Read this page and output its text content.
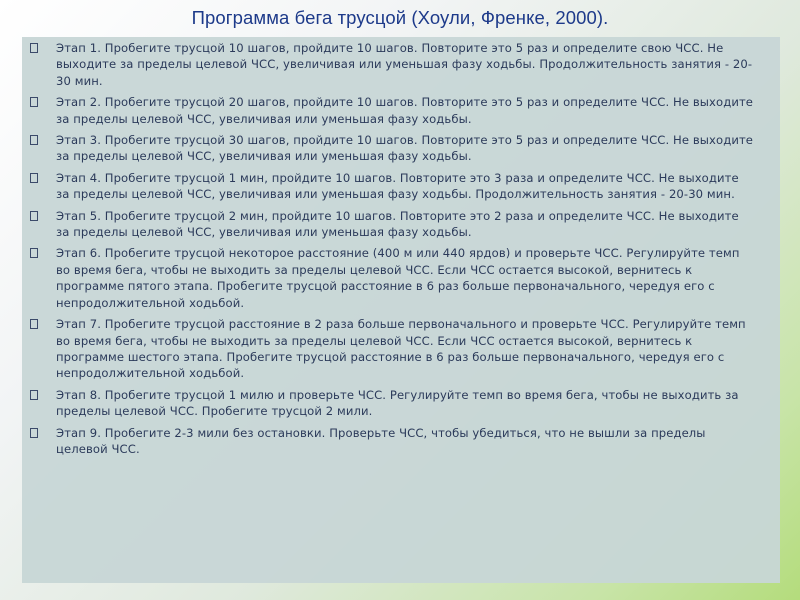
Программа бега трусцой (Хоули, Френке, 2000).
Этап 1. Пробегите трусцой 10 шагов, пройдите 10 шагов. Повторите это 5 раз и определите свою ЧСС. Не выходите за пределы целевой ЧСС, увеличивая или уменьшая фазу ходьбы. Продолжительность занятия - 20-30 мин.
Этап 2. Пробегите трусцой 20 шагов, пройдите 10 шагов. Повторите это 5 раз и определите ЧСС. Не выходите за пределы целевой ЧСС, увеличивая или уменьшая фазу ходьбы.
Этап 3. Пробегите трусцой 30 шагов, пройдите 10 шагов. Повторите это 5 раз и определите ЧСС. Не выходите за пределы целевой ЧСС, увеличивая или уменьшая фазу ходьбы.
Этап 4. Пробегите трусцой 1 мин, пройдите 10 шагов. Повторите это 3 раза и определите ЧСС. Не выходите за пределы целевой ЧСС, увеличивая или уменьшая фазу ходьбы. Продолжительность занятия - 20-30 мин.
Этап 5. Пробегите трусцой 2 мин, пройдите 10 шагов. Повторите это 2 раза и определите ЧСС. Не выходите за пределы целевой ЧСС, увеличивая или уменьшая фазу ходьбы.
Этап 6. Пробегите трусцой некоторое расстояние (400 м или 440 ярдов) и проверьте ЧСС. Регулируйте темп во время бега, чтобы не выходить за пределы целевой ЧСС. Если ЧСС остается высокой, вернитесь к программе пятого этапа. Пробегите трусцой расстояние в 6 раз больше первоначального, чередуя его с непродолжительной ходьбой.
Этап 7. Пробегите трусцой расстояние в 2 раза больше первоначального и проверьте ЧСС. Регулируйте темп во время бега, чтобы не выходить за пределы целевой ЧСС. Если ЧСС остается высокой, вернитесь к программе шестого этапа. Пробегите трусцой расстояние в 6 раз больше первоначального, чередуя его с непродолжительной ходьбой.
Этап 8. Пробегите трусцой 1 милю и проверьте ЧСС. Регулируйте темп во время бега, чтобы не выходить за пределы целевой ЧСС. Пробегите трусцой 2 мили.
Этап 9. Пробегите 2-3 мили без остановки. Проверьте ЧСС, чтобы убедиться, что не вышли за пределы целевой ЧСС.
